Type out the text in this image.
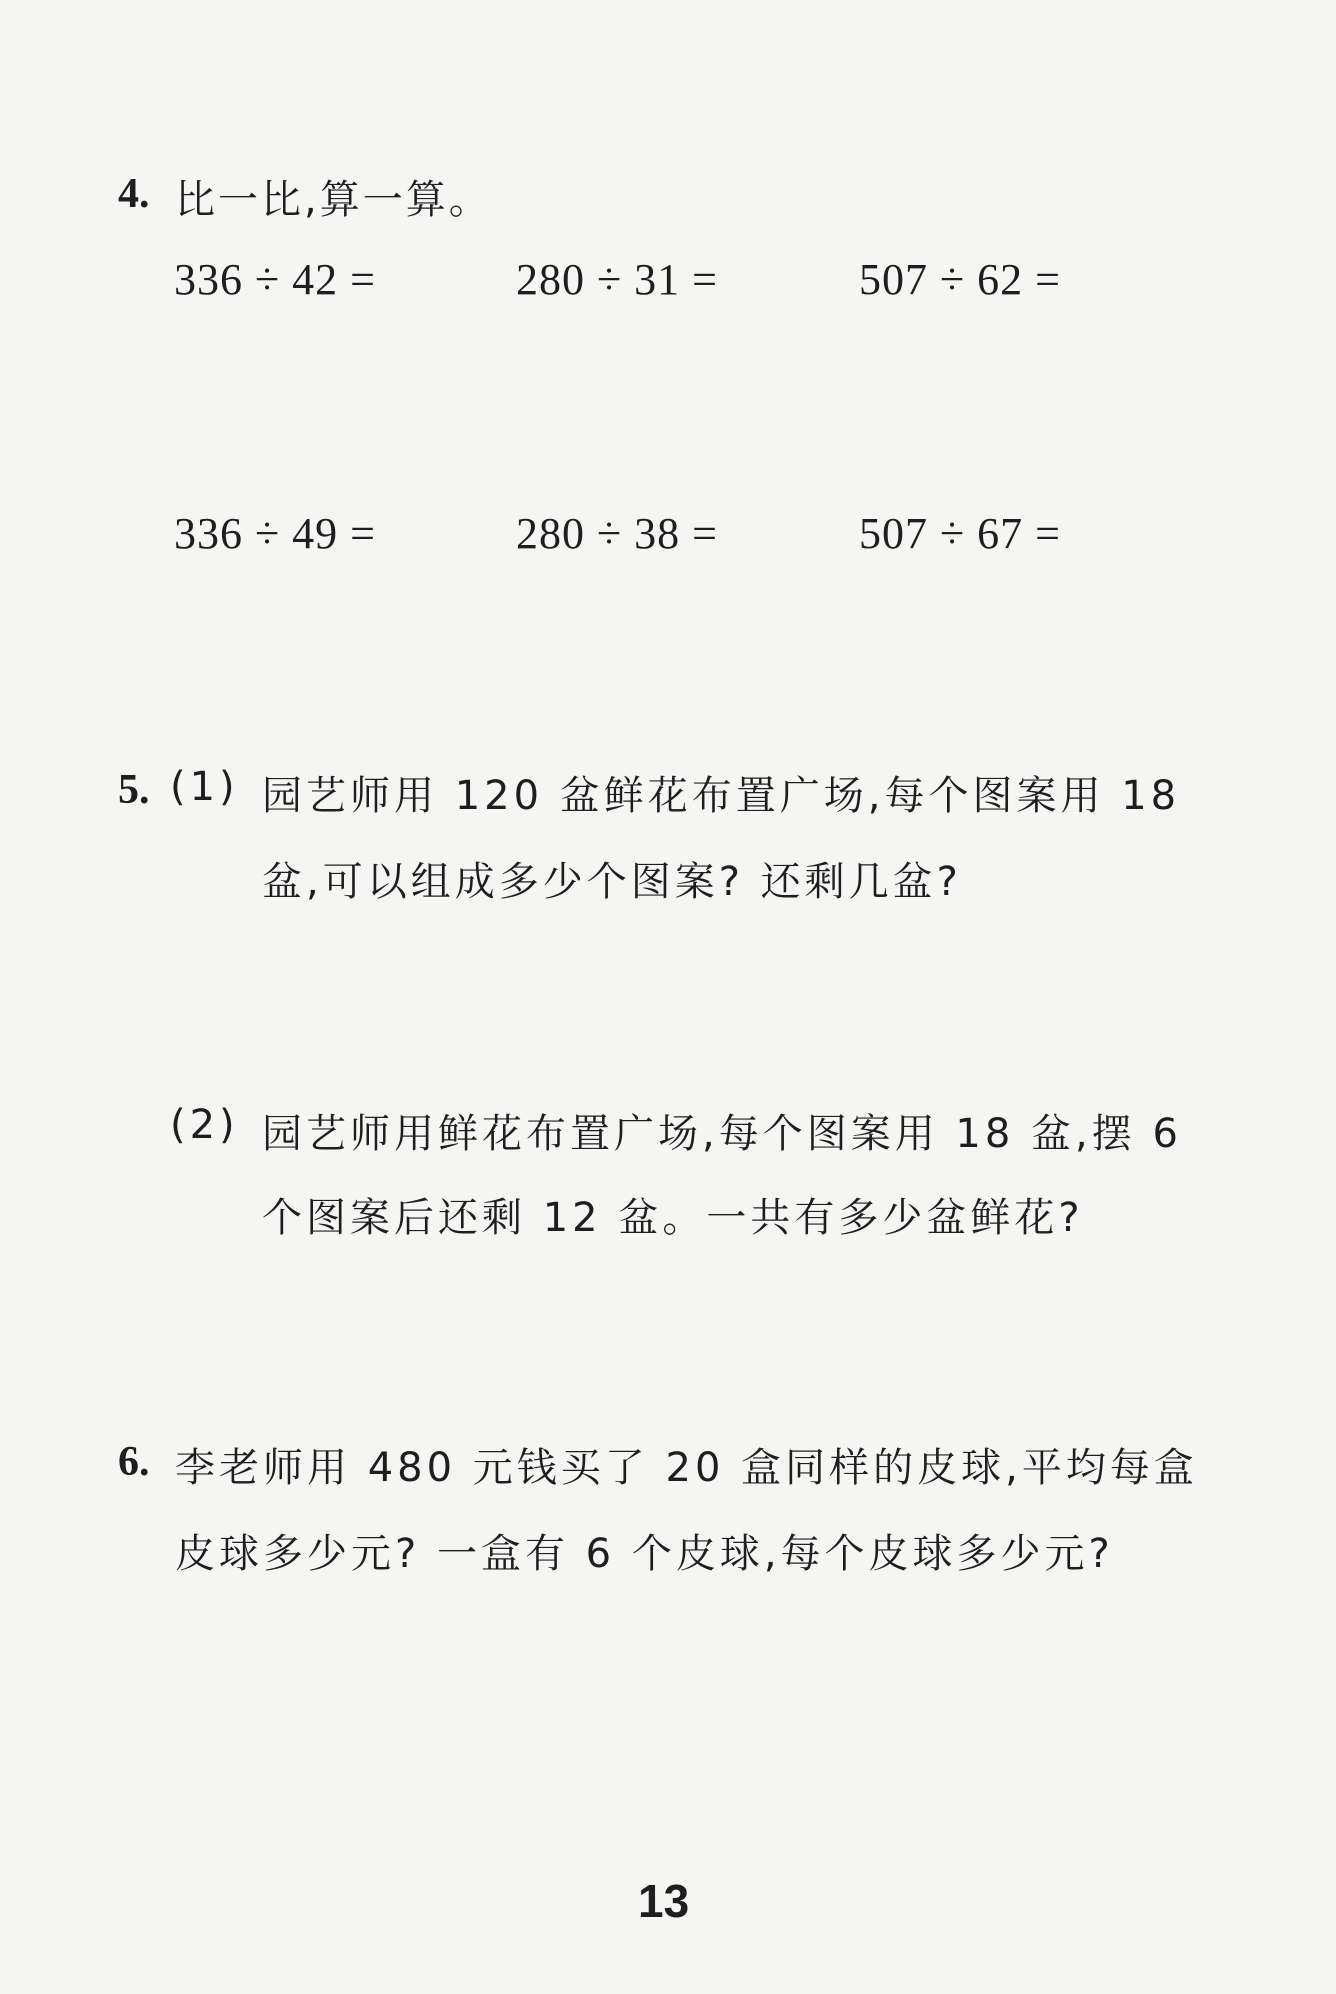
4. 比一比,算一算。
336 ÷ 42 =	280 ÷ 31 =	507 ÷ 62 =
336 ÷ 49 =	280 ÷ 38 =	507 ÷ 67 =
5. (1) 园艺师用 120 盆鲜花布置广场,每个图案用 18
盆,可以组成多少个图案? 还剩几盆?
(2) 园艺师用鲜花布置广场,每个图案用 18 盆,摆 6
个图案后还剩 12 盆。一共有多少盆鲜花?
6. 李老师用 480 元钱买了 20 盒同样的皮球,平均每盒
皮球多少元? 一盒有 6 个皮球,每个皮球多少元?
13
